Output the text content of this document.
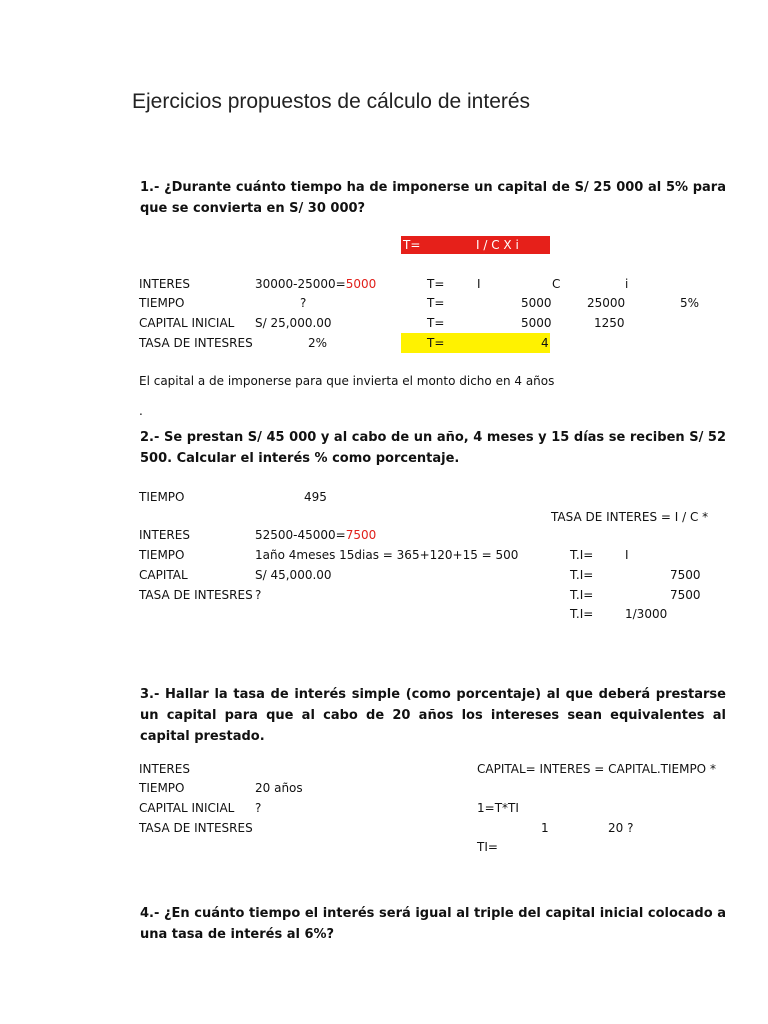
Ejercicios propuestos de cálculo de interés
1.- ¿Durante cuánto tiempo ha de imponerse un capital de S/ 25 000 al 5% para que se convierta en S/ 30 000?
T=	I / C X i
INTERES	30000-25000=5000
TIEMPO	?
CAPITAL INICIAL S/ 25,000.00
TASA DE INTESRES	2%
T=	I	C	i
T=	5000	25000	5%
T=	5000	1250
T=	4
El capital a de imponerse para que invierta el monto dicho en 4 años
.
2.- Se prestan S/ 45 000 y al cabo de un año, 4 meses y 15 días se reciben S/ 52 500. Calcular el interés % como porcentaje.
TIEMPO	495
TASA DE INTERES = I / C *
INTERES	52500-45000=7500
TIEMPO	1año 4meses 15dias = 365+120+15 = 500
CAPITAL	S/ 45,000.00
TASA DE INTESRES ?
T.I=	I
T.I=	7500
T.I=	7500
T.I=	1/3000
3.- Hallar la tasa de interés simple (como porcentaje) al que deberá prestarse un capital para que al cabo de 20 años los intereses sean equivalentes al capital prestado.
INTERES
TIEMPO	20 años
CAPITAL INICIAL ?
TASA DE INTESRES
CAPITAL= INTERES = CAPITAL.TIEMPO *
1=T*TI
1	20 ?
TI=
4.- ¿En cuánto tiempo el interés será igual al triple del capital inicial colocado a una tasa de interés al 6%?
